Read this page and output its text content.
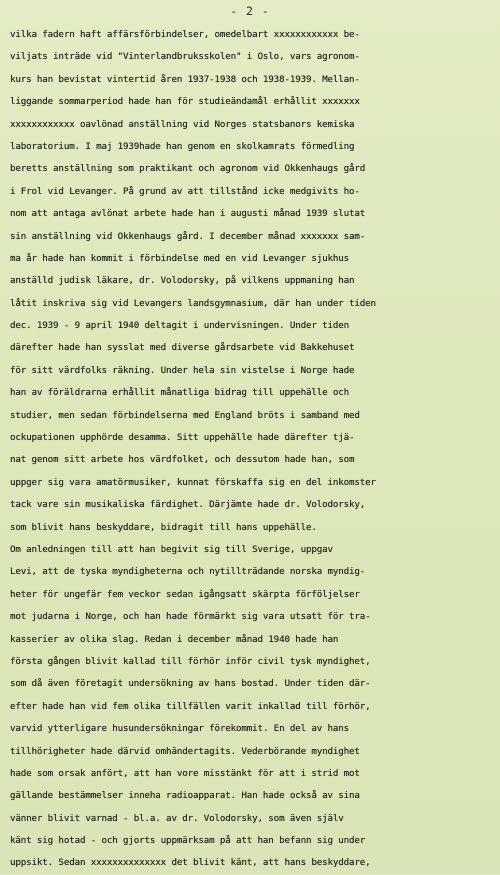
- 2 -
vilka fadern haft affärsförbindelser, omedelbart xxxxxxxxxxxx be-
viljats inträde vid "Vinterlandbruksskolen" i Oslo, vars agronom-
kurs han bevistat vintertid åren 1937-1938 och 1938-1939. Mellan-
liggande sommarperiod hade han för studieändamål erhållit xxxxxxx
xxxxxxxxxxxx oavlönad anställning vid Norges statsbanors kemiska
laboratorium. I maj 1939hade han genom en skolkamrats förmedling
beretts anställning som praktikant och agronom vid Okkenhaugs gård
i Frol vid Levanger. På grund av att tillstånd icke medgivits ho-
nom att antaga avlönat arbete hade han i augusti månad 1939 slutat
sin anställning vid Okkenhaugs gård. I december månad xxxxxxx sam-
ma år hade han kommit i förbindelse med en vid Levanger sjukhus
anställd judisk läkare, dr. Volodorsky, på vilkens uppmaning han
låtit inskriva sig vid Levangers landsgymnasium, där han under tiden
dec. 1939 - 9 april 1940 deltagit i undervisningen. Under tiden
därefter hade han sysslat med diverse gårdsarbete vid Bakkehuset
för sitt värdfolks räkning. Under hela sin vistelse i Norge hade
han av föräldrarna erhållit månatliga bidrag till uppehälle och
studier, men sedan förbindelserna med England bröts i samband med
ockupationen upphörde desamma. Sitt uppehälle hade därefter tjä-
nat genom sitt arbete hos värdfolket, och dessutom hade han, som
uppger sig vara amatörmusiker, kunnat förskaffa sig en del inkomster
tack vare sin musikaliska färdighet. Därjämte hade dr. Volodorsky,
som blivit hans beskyddare, bidragit till hans uppehälle.
Om anledningen till att han begivit sig till Sverige, uppgav
Levi, att de tyska myndigheterna och nytillträdande norska myndig-
heter för ungefär fem veckor sedan igångsatt skärpta förföljelser
mot judarna i Norge, och han hade förmärkt sig vara utsatt för tra-
kasserier av olika slag. Redan i december månad 1940 hade han
första gången blivit kallad till förhör inför civil tysk myndighet,
som då även företagit undersökning av hans bostad. Under tiden där-
efter hade han vid fem olika tillfällen varit inkallad till förhör,
varvid ytterligare husundersökningar förekommit. En del av hans
tillhörigheter hade därvid omhändertagits. Vederbörande myndighet
hade som orsak anfört, att han vore misstänkt för att i strid mot
gällande bestämmelser inneha radioapparat. Han hade också av sina
vänner blivit varnad - bl.a. av dr. Volodorsky, som även själv
känt sig hotad - och gjorts uppmärksam på att han befann sig under
uppsikt. Sedan xxxxxxxxxxxxxx det blivit känt, att hans beskyddare,
